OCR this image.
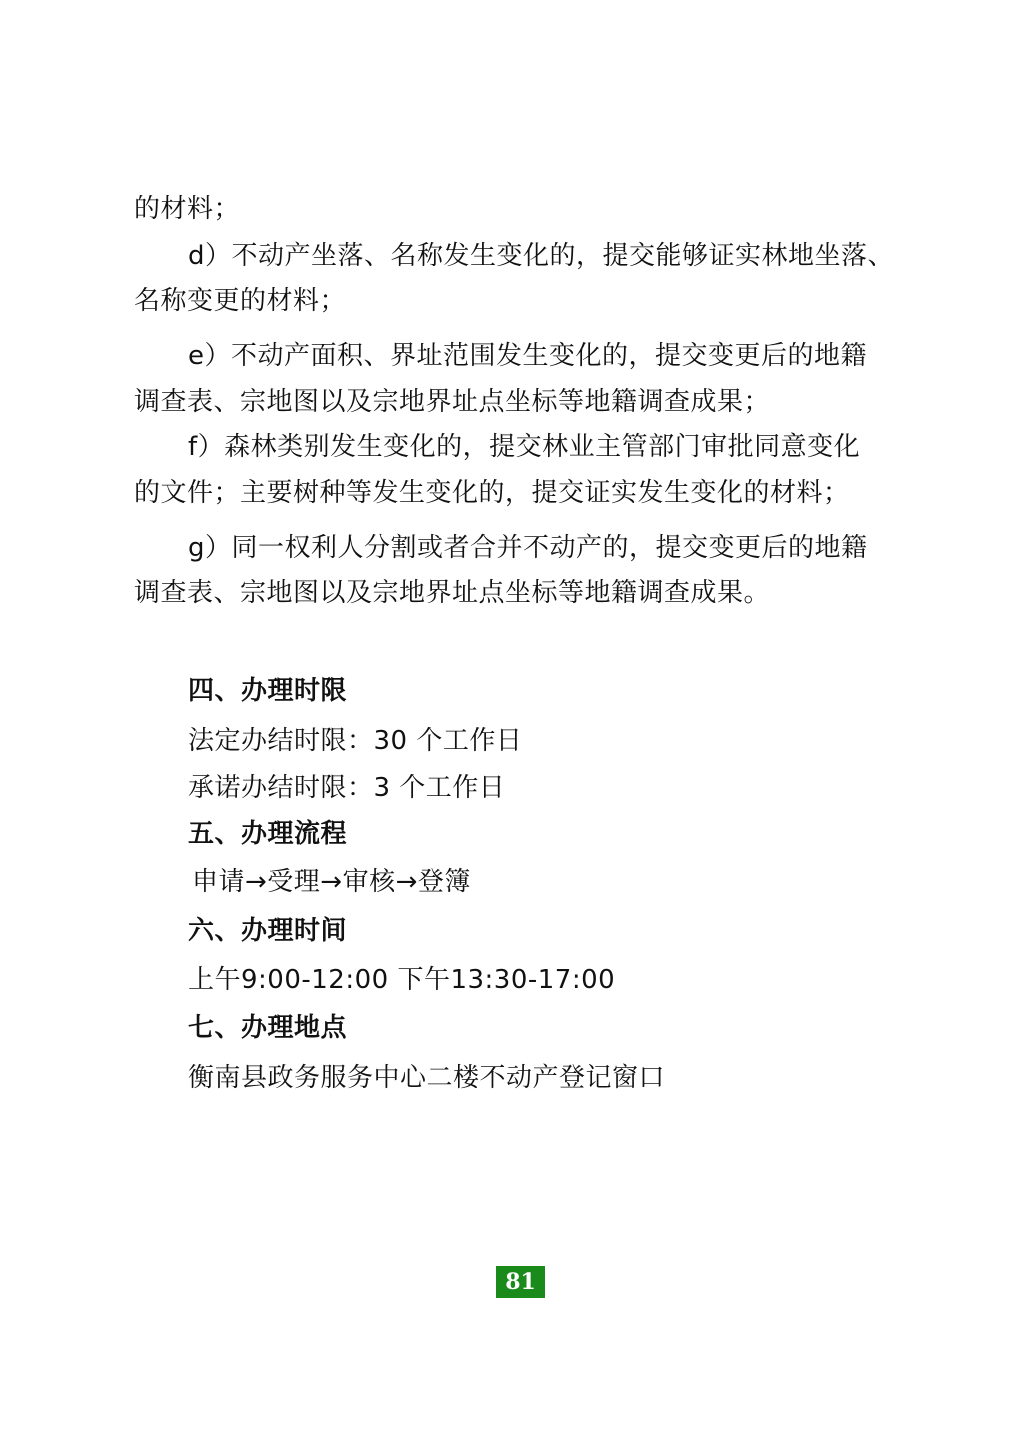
的材料；
d）不动产坐落、名称发生变化的，提交能够证实林地坐落、
名称变更的材料；
e）不动产面积、界址范围发生变化的，提交变更后的地籍
调查表、宗地图以及宗地界址点坐标等地籍调查成果；
f）森林类别发生变化的，提交林业主管部门审批同意变化
的文件；主要树种等发生变化的，提交证实发生变化的材料；
g）同一权利人分割或者合并不动产的，提交变更后的地籍
调查表、宗地图以及宗地界址点坐标等地籍调查成果。
四、办理时限
法定办结时限：30 个工作日
承诺办结时限：3 个工作日
五、办理流程
申请→受理→审核→登簿
六、办理时间
上午9:00-12:00 下午13:30-17:00
七、办理地点
衡南县政务服务中心二楼不动产登记窗口
81
